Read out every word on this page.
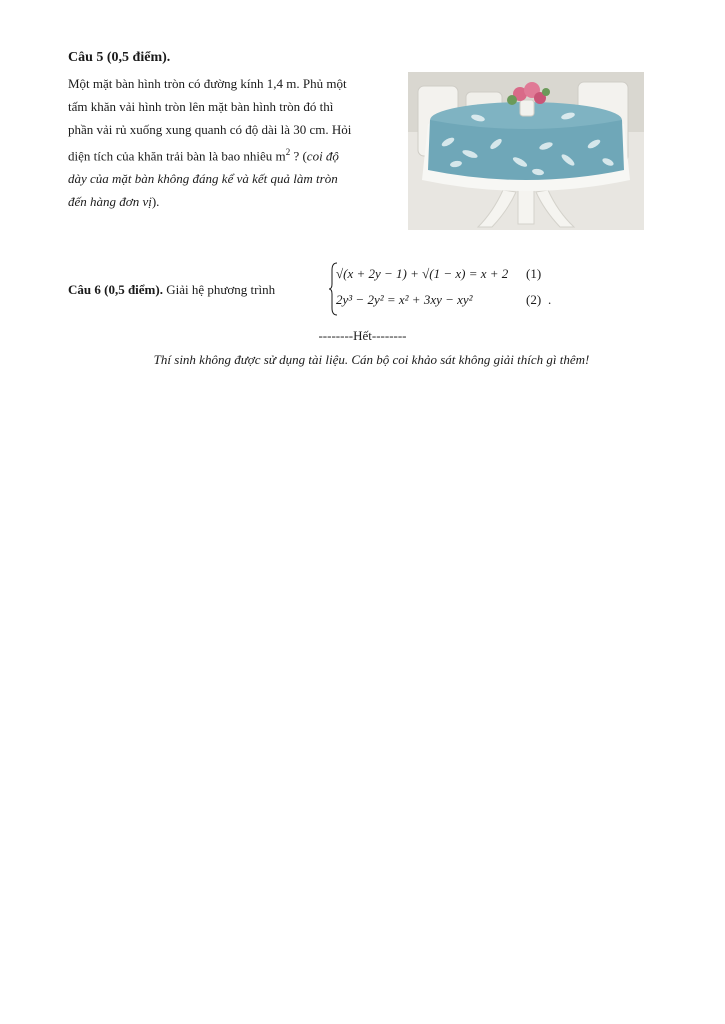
Câu 5 (0,5 điểm).
Một mặt bàn hình tròn có đường kính 1,4 m. Phủ một
tấm khăn vải hình tròn lên mặt bàn hình tròn đó thì
phần vải rủ xuống xung quanh có độ dài là 30 cm. Hỏi
diện tích của khăn trải bàn là bao nhiêu $m^2$ ? (coi độ
dày của mặt bàn không đáng kể và kết quả làm tròn
đến hàng đơn vị).
Câu 6 (0,5 điểm). Giải hệ phương trình
√(x + 2y − 1) + √(1 − x) = x + 2
2y³ − 2y² = x² + 3xy − xy²
(1)
(2) .
--------Hết--------
Thí sinh không được sử dụng tài liệu. Cán bộ coi khảo sát không giải thích gì thêm!
